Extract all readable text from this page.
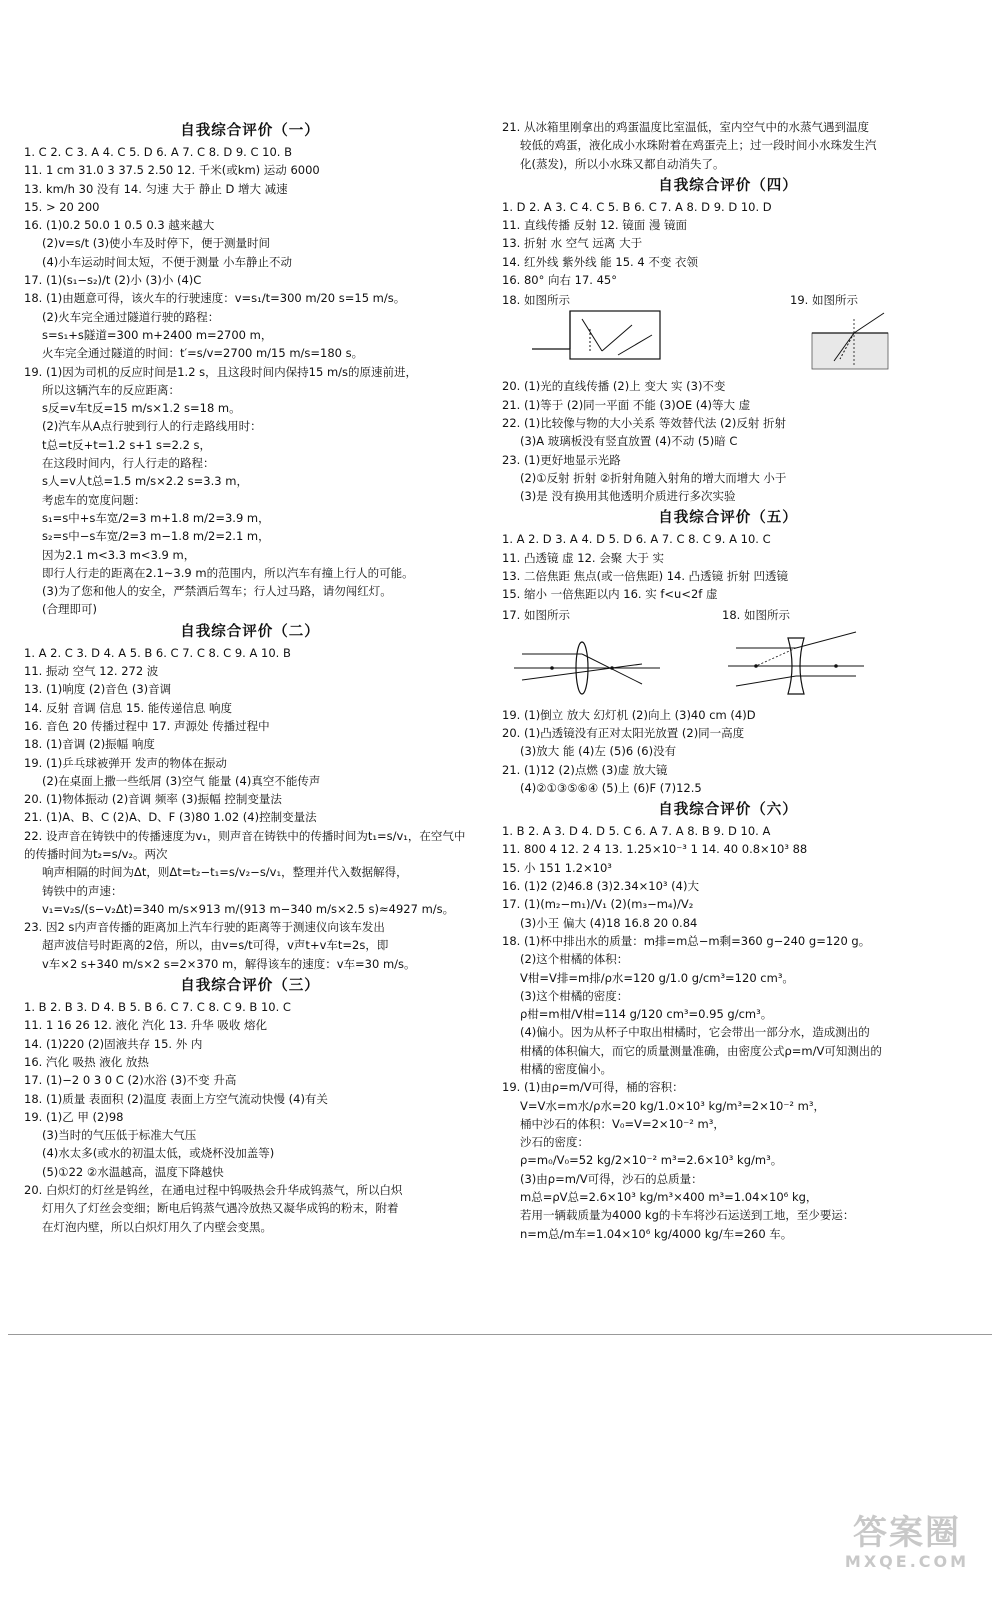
自我综合评价（一）
1. C 2. C 3. A 4. C 5. D 6. A 7. C 8. D 9. C 10. B
11. 1 cm 31.0 3 37.5 2.50 12. 千米(或km) 运动 6000
13. km/h 30 没有 14. 匀速 大于 静止 D 增大 减速
15. > 20 200
16. (1)0.2 50.0 1 0.5 0.3 越来越大
(2)v=s/t (3)使小车及时停下，便于测量时间
(4)小车运动时间太短，不便于测量 小车静止不动
17. (1)(s₁−s₂)/t (2)小 (3)小 (4)C
18. (1)由题意可得，该火车的行驶速度：v=s₁/t=300 m/20 s=15 m/s。
(2)火车完全通过隧道行驶的路程：
s=s₁+s隧道=300 m+2400 m=2700 m，
火车完全通过隧道的时间：t′=s/v=2700 m/15 m/s=180 s。
19. (1)因为司机的反应时间是1.2 s，且这段时间内保持15 m/s的原速前进，
所以这辆汽车的反应距离：
s反=v车t反=15 m/s×1.2 s=18 m。
(2)汽车从A点行驶到行人的行走路线用时：
t总=t反+t=1.2 s+1 s=2.2 s，
在这段时间内，行人行走的路程：
s人=v人t总=1.5 m/s×2.2 s=3.3 m，
考虑车的宽度问题：
s₁=s中+s车宽/2=3 m+1.8 m/2=3.9 m，
s₂=s中−s车宽/2=3 m−1.8 m/2=2.1 m，
因为2.1 m<3.3 m<3.9 m，
即行人行走的距离在2.1~3.9 m的范围内，所以汽车有撞上行人的可能。
(3)为了您和他人的安全，严禁酒后驾车；行人过马路，请勿闯红灯。
(合理即可)
自我综合评价（二）
1. A 2. C 3. D 4. A 5. B 6. C 7. C 8. C 9. A 10. B
11. 振动 空气 12. 272 波
13. (1)响度 (2)音色 (3)音调
14. 反射 音调 信息 15. 能传递信息 响度
16. 音色 20 传播过程中 17. 声源处 传播过程中
18. (1)音调 (2)振幅 响度
19. (1)乒乓球被弹开 发声的物体在振动
(2)在桌面上撒一些纸屑 (3)空气 能量 (4)真空不能传声
20. (1)物体振动 (2)音调 频率 (3)振幅 控制变量法
21. (1)A、B、C (2)A、D、F (3)80 1.02 (4)控制变量法
22. 设声音在铸铁中的传播速度为v₁，则声音在铸铁中的传播时间为t₁=s/v₁，在空气中的传播时间为t₂=s/v₂。两次
响声相隔的时间为Δt，则Δt=t₂−t₁=s/v₂−s/v₁，整理并代入数据解得，
铸铁中的声速：
v₁=v₂s/(s−v₂Δt)=340 m/s×913 m/(913 m−340 m/s×2.5 s)≈4927 m/s。
23. 因2 s内声音传播的距离加上汽车行驶的距离等于测速仪向该车发出
超声波信号时距离的2倍，所以，由v=s/t可得，v声t+v车t=2s，即
v车×2 s+340 m/s×2 s=2×370 m，解得该车的速度：v车=30 m/s。
自我综合评价（三）
1. B 2. B 3. D 4. B 5. B 6. C 7. C 8. C 9. B 10. C
11. 1 16 26 12. 液化 汽化 13. 升华 吸收 熔化
14. (1)220 (2)固液共存 15. 外 内
16. 汽化 吸热 液化 放热
17. (1)−2 0 3 0 C (2)水浴 (3)不变 升高
18. (1)质量 表面积 (2)温度 表面上方空气流动快慢 (4)有关
19. (1)乙 甲 (2)98
(3)当时的气压低于标准大气压
(4)水太多(或水的初温太低，或烧杯没加盖等)
(5)①22 ②水温越高，温度下降越快
20. 白炽灯的灯丝是钨丝，在通电过程中钨吸热会升华成钨蒸气，所以白炽
灯用久了灯丝会变细；断电后钨蒸气遇冷放热又凝华成钨的粉末，附着
在灯泡内壁，所以白炽灯用久了内壁会变黑。
21. 从冰箱里刚拿出的鸡蛋温度比室温低，室内空气中的水蒸气遇到温度
较低的鸡蛋，液化成小水珠附着在鸡蛋壳上；过一段时间小水珠发生汽
化(蒸发)，所以小水珠又都自动消失了。
自我综合评价（四）
1. D 2. A 3. C 4. C 5. B 6. C 7. A 8. D 9. D 10. D
11. 直线传播 反射 12. 镜面 漫 镜面
13. 折射 水 空气 远离 大于
14. 红外线 紫外线 能 15. 4 不变 衣领
16. 80° 向右 17. 45°
18. 如图所示	19. 如图所示
20. (1)光的直线传播 (2)上 变大 实 (3)不变
21. (1)等于 (2)同一平面 不能 (3)OE (4)等大 虚
22. (1)比较像与物的大小关系 等效替代法 (2)反射 折射
(3)A 玻璃板没有竖直放置 (4)不动 (5)暗 C
23. (1)更好地显示光路
(2)①反射 折射 ②折射角随入射角的增大而增大 小于
(3)是 没有换用其他透明介质进行多次实验
自我综合评价（五）
1. A 2. D 3. A 4. D 5. D 6. A 7. C 8. C 9. A 10. C
11. 凸透镜 虚 12. 会聚 大于 实
13. 二倍焦距 焦点(或一倍焦距) 14. 凸透镜 折射 凹透镜
15. 缩小 一倍焦距以内 16. 实 f<u<2f 虚
17. 如图所示	18. 如图所示
19. (1)倒立 放大 幻灯机 (2)向上 (3)40 cm (4)D
20. (1)凸透镜没有正对太阳光放置 (2)同一高度
(3)放大 能 (4)左 (5)6 (6)没有
21. (1)12 (2)点燃 (3)虚 放大镜
(4)②①③⑤⑥④ (5)上 (6)F (7)12.5
自我综合评价（六）
1. B 2. A 3. D 4. D 5. C 6. A 7. A 8. B 9. D 10. A
11. 800 4 12. 2 4 13. 1.25×10⁻³ 1 14. 40 0.8×10³ 88
15. 小 151 1.2×10³
16. (1)2 (2)46.8 (3)2.34×10³ (4)大
17. (1)(m₂−m₁)/V₁ (2)(m₃−m₄)/V₂
(3)小王 偏大 (4)18 16.8 20 0.84
18. (1)杯中排出水的质量：m排=m总−m剩=360 g−240 g=120 g。
(2)这个柑橘的体积：
V柑=V排=m排/ρ水=120 g/1.0 g/cm³=120 cm³。
(3)这个柑橘的密度：
ρ柑=m柑/V柑=114 g/120 cm³=0.95 g/cm³。
(4)偏小。因为从杯子中取出柑橘时，它会带出一部分水，造成测出的
柑橘的体积偏大，而它的质量测量准确，由密度公式ρ=m/V可知测出的
柑橘的密度偏小。
19. (1)由ρ=m/V可得，桶的容积：
V=V水=m水/ρ水=20 kg/1.0×10³ kg/m³=2×10⁻² m³，
桶中沙石的体积：V₀=V=2×10⁻² m³，
沙石的密度：
ρ=m₀/V₀=52 kg/2×10⁻² m³=2.6×10³ kg/m³。
(3)由ρ=m/V可得，沙石的总质量：
m总=ρV总=2.6×10³ kg/m³×400 m³=1.04×10⁶ kg，
若用一辆载质量为4000 kg的卡车将沙石运送到工地，至少要运：
n=m总/m车=1.04×10⁶ kg/4000 kg/车=260 车。
答案圈
MXQE.COM
